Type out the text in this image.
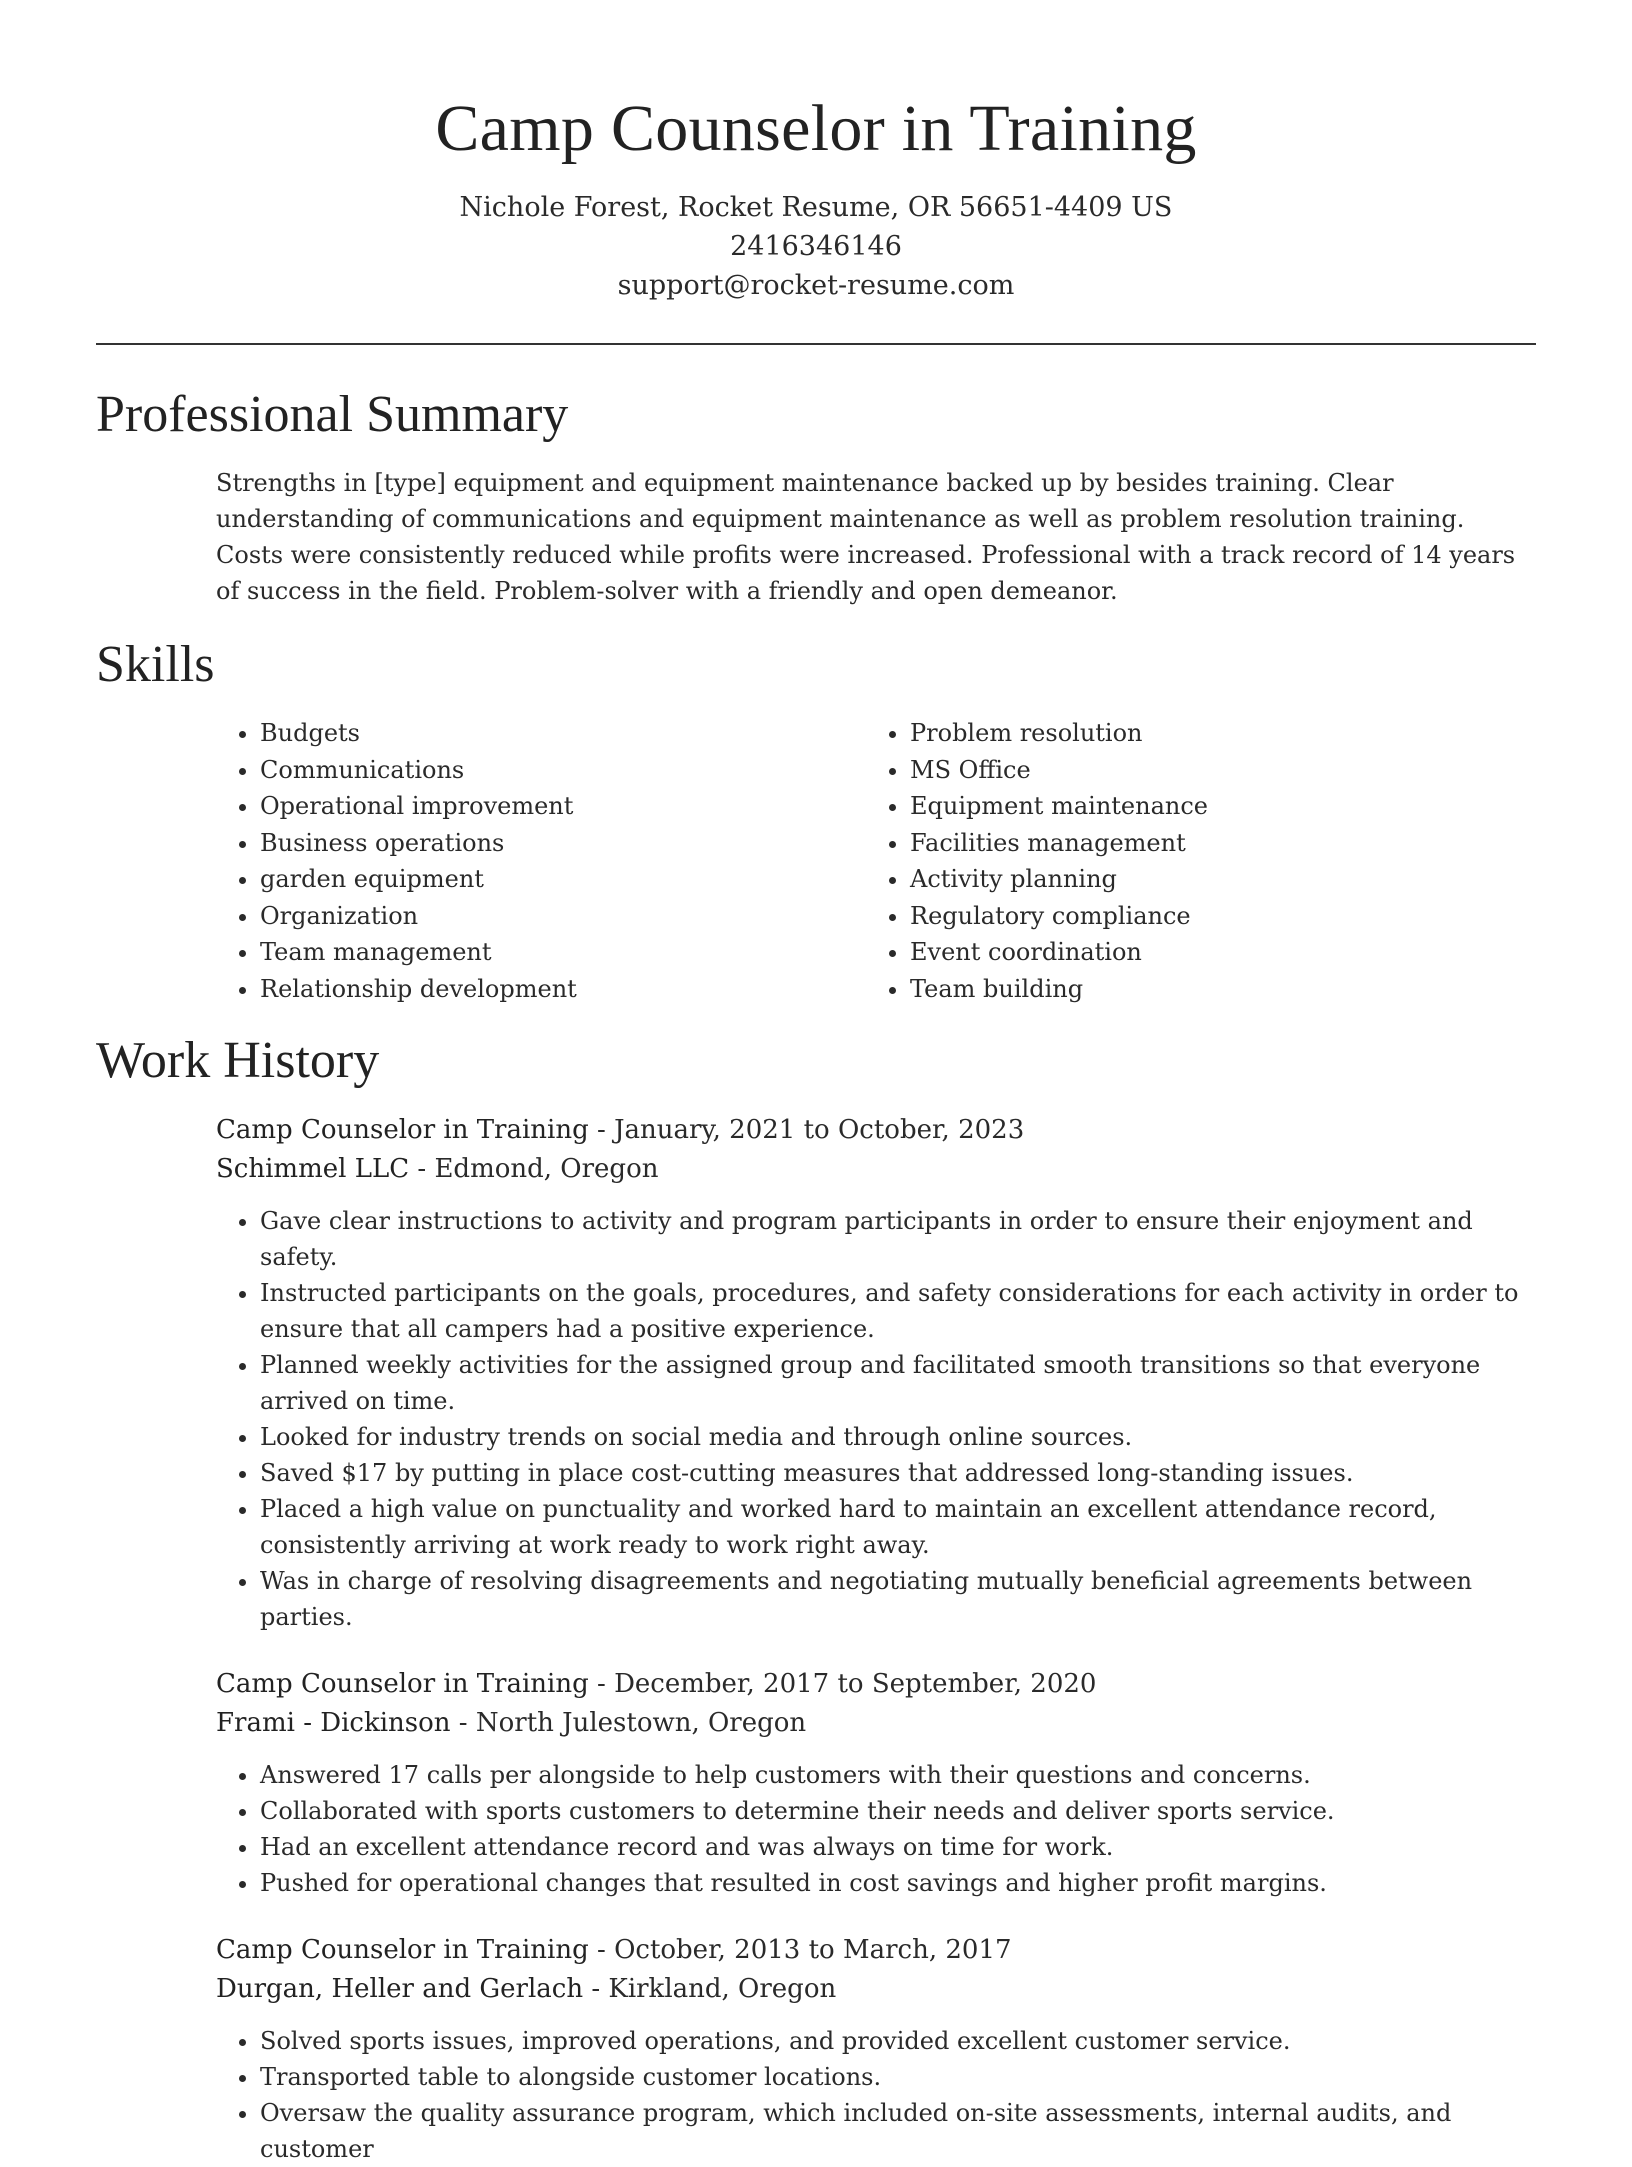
Camp Counselor in Training
Nichole Forest, Rocket Resume, OR 56651-4409 US
2416346146
support@rocket-resume.com
Professional Summary

Strengths in [type] equipment and equipment maintenance backed up by besides training. Clear understanding of communications and equipment maintenance as well as problem resolution training. Costs were consistently reduced while profits were increased. Professional with a track record of 14 years of success in the field. Problem-solver with a friendly and open demeanor.

Skills
• Budgets
• Communications
• Operational improvement
• Business operations
• garden equipment
• Organization
• Team management
• Relationship development
• Problem resolution
• MS Office
• Equipment maintenance
• Facilities management
• Activity planning
• Regulatory compliance
• Event coordination
• Team building
Work History
Camp Counselor in Training - January, 2021 to October, 2023
Schimmel LLC - Edmond, Oregon
• Gave clear instructions to activity and program participants in order to ensure their enjoyment and safety.
• Instructed participants on the goals, procedures, and safety considerations for each activity in order to ensure that all campers had a positive experience.
• Planned weekly activities for the assigned group and facilitated smooth transitions so that everyone arrived on time.
• Looked for industry trends on social media and through online sources.
• Saved $17 by putting in place cost-cutting measures that addressed long-standing issues.
• Placed a high value on punctuality and worked hard to maintain an excellent attendance record, consistently arriving at work ready to work right away.
• Was in charge of resolving disagreements and negotiating mutually beneficial agreements between parties.
Camp Counselor in Training - December, 2017 to September, 2020
Frami - Dickinson - North Julestown, Oregon
• Answered 17 calls per alongside to help customers with their questions and concerns.
• Collaborated with sports customers to determine their needs and deliver sports service.
• Had an excellent attendance record and was always on time for work.
• Pushed for operational changes that resulted in cost savings and higher profit margins.
Camp Counselor in Training - October, 2013 to March, 2017
Durgan, Heller and Gerlach - Kirkland, Oregon
• Solved sports issues, improved operations, and provided excellent customer service.
• Transported table to alongside customer locations.
• Oversaw the quality assurance program, which included on-site assessments, internal audits, and customer
